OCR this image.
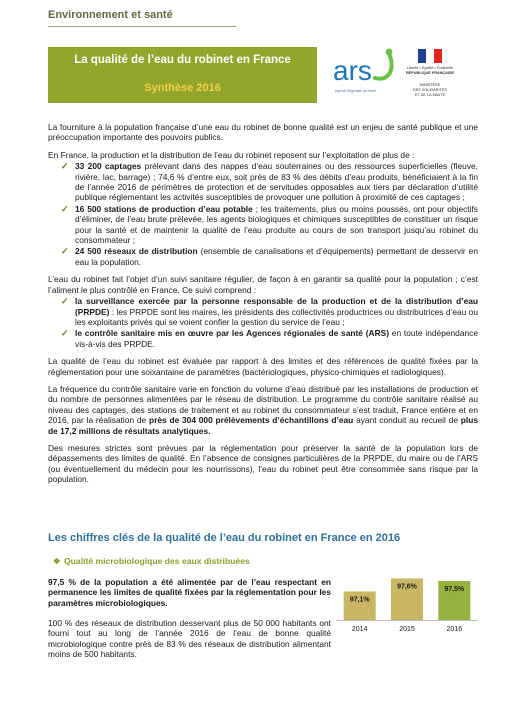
Environnement et santé
La qualité de l’eau du robinet en France
Synthèse 2016
ars
Agence Régionale de Santé
Liberté • Égalité • Fraternité
RÉPUBLIQUE FRANÇAISE
MINISTÈRE
DES SOLIDARITÉS
ET DE LA SANTÉ

La fourniture à la population française d’une eau du robinet de bonne qualité est un enjeu de santé publique et une préoccupation importante des pouvoirs publics.

En France, la production et la distribution de l’eau du robinet reposent sur l’exploitation de plus de :

✓ 33 200 captages prélevant dans des nappes d’eau souterraines ou des ressources superficielles (fleuve, rivière, lac, barrage) ; 74,6 % d’entre eux, soit près de 83 % des débits d’eau produits, bénéficiaient à la fin de l’année 2016 de périmètres de protection et de servitudes opposables aux tiers par déclaration d’utilité publique réglementant les activités susceptibles de provoquer une pollution à proximité de ces captages ;
✓ 16 500 stations de production d’eau potable ; les traitements, plus ou moins poussés, ont pour objectifs d’éliminer, de l’eau brute prélevée, les agents biologiques et chimiques susceptibles de constituer un risque pour la santé et de maintenir la qualité de l’eau produite au cours de son transport jusqu’au robinet du consommateur ;
✓ 24 500 réseaux de distribution (ensemble de canalisations et d’équipements) permettant de desservir en eau la population.

L’eau du robinet fait l’objet d’un suivi sanitaire régulier, de façon à en garantir sa qualité pour la population ; c’est l’aliment le plus contrôlé en France. Ce suivi comprend :

✓ la surveillance exercée par la personne responsable de la production et de la distribution d’eau (PRPDE) : les PRPDE sont les maires, les présidents des collectivités productrices ou distributrices d’eau ou les exploitants privés qui se voient confier la gestion du service de l’eau ;
✓ le contrôle sanitaire mis en œuvre par les Agences régionales de santé (ARS) en toute indépendance vis-à-vis des PRPDE.

La qualité de l’eau du robinet est évaluée par rapport à des limites et des références de qualité fixées par la réglementation pour une soixantaine de paramètres (bactériologiques, physico-chimiques et radiologiques).

La fréquence du contrôle sanitaire varie en fonction du volume d’eau distribué par les installations de production et du nombre de personnes alimentées par le réseau de distribution. Le programme du contrôle sanitaire réalisé au niveau des captages, des stations de traitement et au robinet du consommateur s’est traduit, France entière et en 2016, par la réalisation de près de 304 000 prélèvements d’échantillons d’eau ayant conduit au recueil de plus de 17,2 millions de résultats analytiques.

Des mesures strictes sont prévues par la réglementation pour préserver la santé de la population lors de dépassements des limites de qualité. En l’absence de consignes particulières de la PRPDE, du maire ou de l’ARS (ou éventuellement du médecin pour les nourrissons), l’eau du robinet peut être consommée sans risque par la population.

Les chiffres clés de la qualité de l’eau du robinet en France en 2016
❖ Qualité microbiologique des eaux distribuées
97,5 % de la population a été alimentée par de l’eau respectant en permanence les limites de qualité fixées par la réglementation pour les paramètres microbiologiques.
100 % des réseaux de distribution desservant plus de 50 000 habitants ont fourni tout au long de l’année 2016 de l’eau de bonne qualité microbiologique contre près de 83 % des réseaux de distribution alimentant moins de 500 habitants.
97,1%
2014
97,6%
2015
97,5%
2016
